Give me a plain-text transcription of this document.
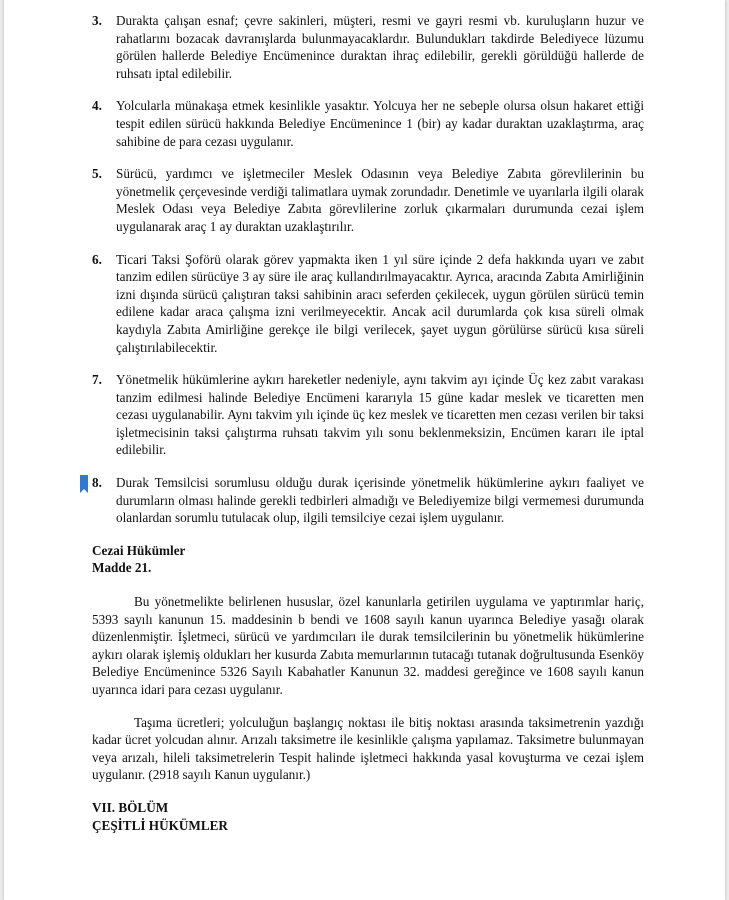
3. Durakta çalışan esnaf; çevre sakinleri, müşteri, resmi ve gayri resmi vb. kuruluşların huzur ve rahatlarını bozacak davranışlarda bulunmayacaklardır. Bulundukları takdirde Belediyece lüzumu görülen hallerde Belediye Encümenince duraktan ihraç edilebilir, gerekli görüldüğü hallerde de ruhsatı iptal edilebilir.
4. Yolcularla münakaşa etmek kesinlikle yasaktır. Yolcuya her ne sebeple olursa olsun hakaret ettiği tespit edilen sürücü hakkında Belediye Encümenince 1 (bir) ay kadar duraktan uzaklaştırma, araç sahibine de para cezası uygulanır.
5. Sürücü, yardımcı ve işletmeciler Meslek Odasının veya Belediye Zabıta görevlilerinin bu yönetmelik çerçevesinde verdiği talimatlara uymak zorundadır. Denetimle ve uyarılarla ilgili olarak Meslek Odası veya Belediye Zabıta görevlilerine zorluk çıkarmaları durumunda cezai işlem uygulanarak araç 1 ay duraktan uzaklaştırılır.
6. Ticari Taksi Şoförü olarak görev yapmakta iken 1 yıl süre içinde 2 defa hakkında uyarı ve zabıt tanzim edilen sürücüye 3 ay süre ile araç kullandırılmayacaktır. Ayrıca, aracında Zabıta Amirliğinin izni dışında sürücü çalıştıran taksi sahibinin aracı seferden çekilecek, uygun görülen sürücü temin edilene kadar araca çalışma izni verilmeyecektir. Ancak acil durumlarda çok kısa süreli olmak kaydıyla Zabıta Amirliğine gerekçe ile bilgi verilecek, şayet uygun görülürse sürücü kısa süreli çalıştırılabilecektir.
7. Yönetmelik hükümlerine aykırı hareketler nedeniyle, aynı takvim ayı içinde Üç kez zabıt varakası tanzim edilmesi halinde Belediye Encümeni kararıyla 15 güne kadar meslek ve ticaretten men cezası uygulanabilir. Aynı takvim yılı içinde üç kez meslek ve ticaretten men cezası verilen bir taksi işletmecisinin taksi çalıştırma ruhsatı takvim yılı sonu beklenmeksizin, Encümen kararı ile iptal edilebilir.
8. Durak Temsilcisi sorumlusu olduğu durak içerisinde yönetmelik hükümlerine aykırı faaliyet ve durumların olması halinde gerekli tedbirleri almadığı ve Belediyemize bilgi vermemesi durumunda olanlardan sorumlu tutulacak olup, ilgili temsilciye cezai işlem uygulanır.

Cezai Hükümler

Madde 21.

Bu yönetmelikte belirlenen hususlar, özel kanunlarla getirilen uygulama ve yaptırımlar hariç, 5393 sayılı kanunun 15. maddesinin b bendi ve 1608 sayılı kanun uyarınca Belediye yasağı olarak düzenlenmiştir. İşletmeci, sürücü ve yardımcıları ile durak temsilcilerinin bu yönetmelik hükümlerine aykırı olarak işlemiş oldukları her kusurda Zabıta memurlarının tutacağı tutanak doğrultusunda Esenköy Belediye Encümenince 5326 Sayılı Kabahatler Kanunun 32. maddesi gereğince ve 1608 sayılı kanun uyarınca idari para cezası uygulanır.

Taşıma ücretleri; yolculuğun başlangıç noktası ile bitiş noktası arasında taksimetrenin yazdığı kadar ücret yolcudan alınır. Arızalı taksimetre ile kesinlikle çalışma yapılamaz. Taksimetre bulunmayan veya arızalı, hileli taksimetrelerin Tespit halinde işletmeci hakkında yasal kovuşturma ve cezai işlem uygulanır. (2918 sayılı Kanun uygulanır.)

VII. BÖLÜM

ÇEŞİTLİ HÜKÜMLER
